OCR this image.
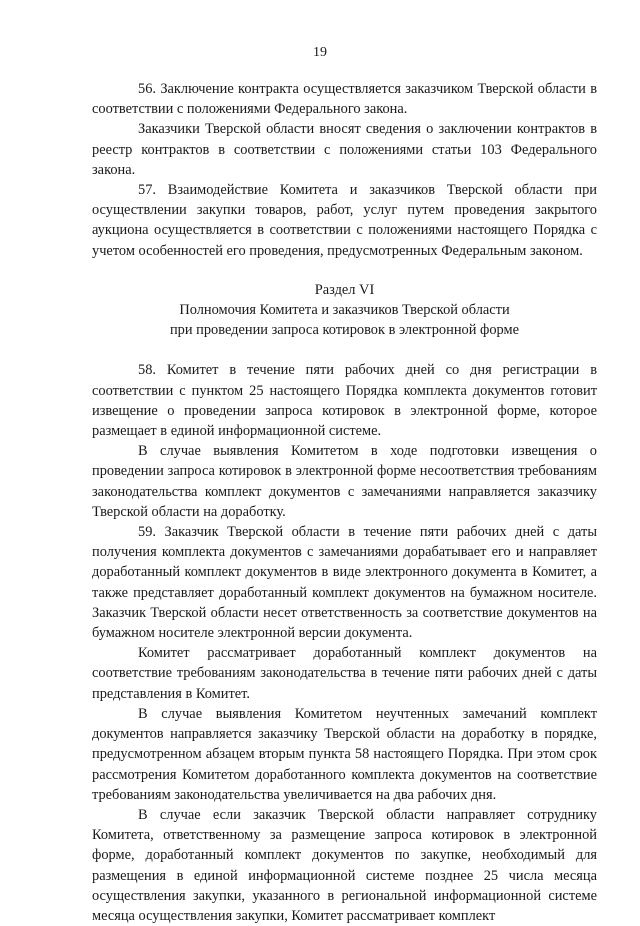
19

56. Заключение контракта осуществляется заказчиком Тверской области в соответствии с положениями Федерального закона.

Заказчики Тверской области вносят сведения о заключении контрактов в реестр контрактов в соответствии с положениями статьи 103 Федерального закона.

57. Взаимодействие Комитета и заказчиков Тверской области при осуществлении закупки товаров, работ, услуг путем проведения закрытого аукциона осуществляется в соответствии с положениями настоящего Порядка с учетом особенностей его проведения, предусмотренных Федеральным законом.

Раздел VI
Полномочия Комитета и заказчиков Тверской области
при проведении запроса котировок в электронной форме

58. Комитет в течение пяти рабочих дней со дня регистрации в соответствии с пунктом 25 настоящего Порядка комплекта документов готовит извещение о проведении запроса котировок в электронной форме, которое размещает в единой информационной системе.

В случае выявления Комитетом в ходе подготовки извещения о проведении запроса котировок в электронной форме несоответствия требованиям законодательства комплект документов с замечаниями направляется заказчику Тверской области на доработку.

59. Заказчик Тверской области в течение пяти рабочих дней с даты получения комплекта документов с замечаниями дорабатывает его и направляет доработанный комплект документов в виде электронного документа в Комитет, а также представляет доработанный комплект документов на бумажном носителе. Заказчик Тверской области несет ответственность за соответствие документов на бумажном носителе электронной версии документа.

Комитет рассматривает доработанный комплект документов на соответствие требованиям законодательства в течение пяти рабочих дней с даты представления в Комитет.

В случае выявления Комитетом неучтенных замечаний комплект документов направляется заказчику Тверской области на доработку в порядке, предусмотренном абзацем вторым пункта 58 настоящего Порядка. При этом срок рассмотрения Комитетом доработанного комплекта документов на соответствие требованиям законодательства увеличивается на два рабочих дня.

В случае если заказчик Тверской области направляет сотруднику Комитета, ответственному за размещение запроса котировок в электронной форме, доработанный комплект документов по закупке, необходимый для размещения в единой информационной системе позднее 25 числа месяца осуществления закупки, указанного в региональной информационной системе месяца осуществления закупки, Комитет рассматривает комплект
